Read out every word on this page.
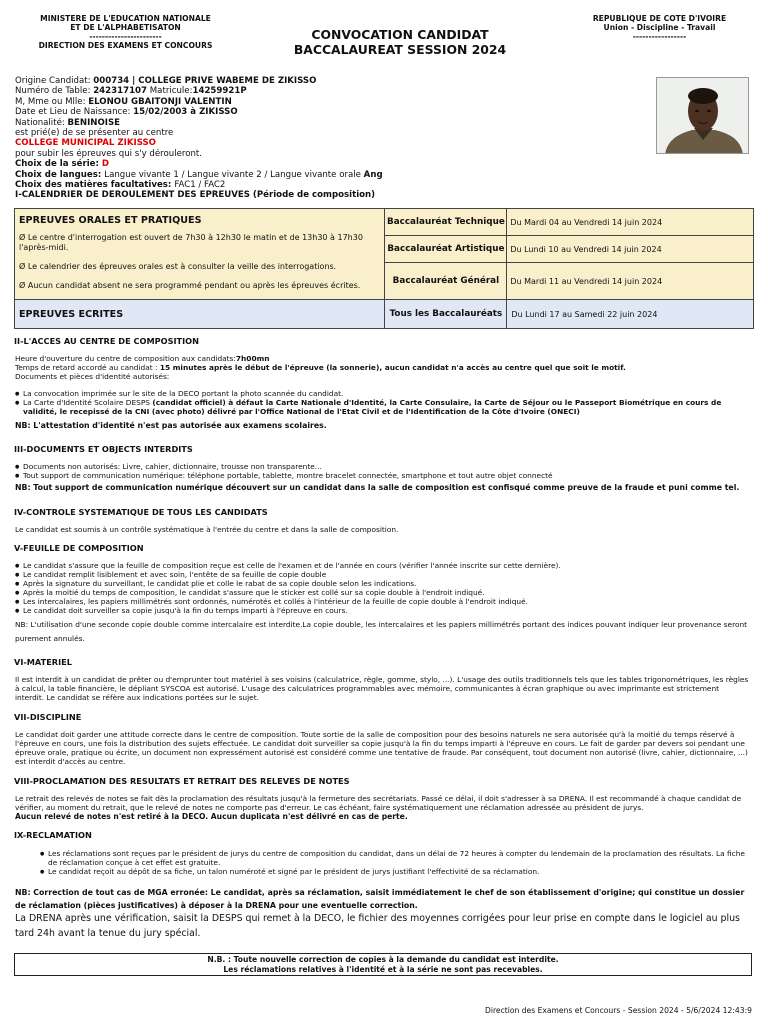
MINISTERE DE L'EDUCATION NATIONALE
ET DE L'ALPHABETISATON
-----------------------
DIRECTION DES EXAMENS ET CONCOURS
CONVOCATION CANDIDAT
BACCALAUREAT SESSION 2024
REPUBLIQUE DE COTE D'IVOIRE
Union - Discipline - Travail
-----------------
Origine Candidat: 000734 | COLLEGE PRIVE WABEME DE ZIKISSO
Numéro de Table: 242317107 Matricule:14259921P
M, Mme ou Mlle: ELONOU GBAITONJI VALENTIN
Date et Lieu de Naissance: 15/02/2003 à ZIKISSO
Nationalité: BENINOISE
est prié(e) de se présenter au centre
COLLEGE MUNICIPAL ZIKISSO
pour subir les épreuves qui s'y dérouleront.
Choix de la série: D
Choix de langues: Langue vivante 1 / Langue vivante 2 / Langue vivante orale Ang
Choix des matières facultatives: FAC1 / FAC2
I-CALENDRIER DE DEROULEMENT DES EPREUVES (Période de composition)
EPREUVES ORALES ET PRATIQUES

Ø Le centre d'interrogation est ouvert de 7h30 à 12h30 le matin et de 13h30 à 17h30 l'après-midi.

Ø Le calendrier des épreuves orales est à consulter la veille des interrogations.

Ø Aucun candidat absent ne sera programmé pendant ou après les épreuves écrites.	Baccalauréat Technique	Du Mardi 04 au Vendredi 14 juin 2024
	Baccalauréat Artistique	Du Lundi 10 au Vendredi 14 juin 2024
	Baccalauréat Général	Du Mardi 11 au Vendredi 14 juin 2024
EPREUVES ECRITES	Tous les Baccalauréats	Du Lundi 17 au Samedi 22 juin 2024
II-L'ACCES AU CENTRE DE COMPOSITION
Heure d'ouverture du centre de composition aux candidats:7h00mn
Temps de retard accordé au candidat : 15 minutes après le début de l'épreuve (la sonnerie), aucun candidat n'a accès au centre quel que soit le motif.
Documents et pièces d'identité autorisés:
● La convocation imprimée sur le site de la DECO portant la photo scannée du candidat.
● La Carte d'Identité Scolaire DESPS (candidat officiel) à défaut la Carte Nationale d'Identité, la Carte Consulaire, la Carte de Séjour ou le Passeport Biométrique en cours de validité, le recepissé de la CNI (avec photo) délivré par l'Office National de l'Etat Civil et de l'Identification de la Côte d'Ivoire (ONECI)
NB: L'attestation d'identité n'est pas autorisée aux examens scolaires.
III-DOCUMENTS ET OBJECTS INTERDITS
● Documents non autorisés: Livre, cahier, dictionnaire, trousse non transparente...
● Tout support de communication numérique: téléphone portable, tablette, montre bracelet connectée, smartphone et tout autre objet connecté
NB: Tout support de communication numérique découvert sur un candidat dans la salle de composition est confisqué comme preuve de la fraude et puni comme tel.
IV-CONTROLE SYSTEMATIQUE DE TOUS LES CANDIDATS
Le candidat est soumis à un contrôle systématique à l'entrée du centre et dans la salle de composition.
V-FEUILLE DE COMPOSITION
● Le candidat s'assure que la feuille de composition reçue est celle de l'examen et de l'année en cours (vérifier l'année inscrite sur cette dernière).
● Le candidat remplit lisiblement et avec soin, l'entête de sa feuille de copie double
● Après la signature du surveillant, le candidat plie et colle le rabat de sa copie double selon les indications.
● Après la moitié du temps de composition, le candidat s'assure que le sticker est collé sur sa copie double à l'endroit indiqué.
● Les intercalaires, les papiers millimétrés sont ordonnés, numérotés et collés à l'intérieur de la feuille de copie double à l'endroit indiqué.
● Le candidat doit surveiller sa copie jusqu'à la fin du temps imparti à l'épreuve en cours.
NB: L'utilisation d'une seconde copie double comme intercalaire est interdite.La copie double, les intercalaires et les papiers millimétrés portant des indices pouvant indiquer leur provenance seront purement annulés.
VI-MATERIEL
Il est interdit à un candidat de prêter ou d'emprunter tout matériel à ses voisins (calculatrice, règle, gomme, stylo, ...). L'usage des outils traditionnels tels que les tables trigonométriques, les règles à calcul, la table financière, le dépliant SYSCOA est autorisé. L'usage des calculatrices programmables avec mémoire, communicantes à écran graphique ou avec imprimante est strictement interdit. Le candidat se réfère aux indications portées sur le sujet.
VII-DISCIPLINE
Le candidat doit garder une attitude correcte dans le centre de composition. Toute sortie de la salle de composition pour des besoins naturels ne sera autorisée qu'à la moitié du temps réservé à l'épreuve en cours, une fois la distribution des sujets effectuée. Le candidat doit surveiller sa copie jusqu'à la fin du temps imparti à l'épreuve en cours. Le fait de garder par devers soi pendant une épreuve orale, pratique ou écrite, un document non expressément autorisé est considéré comme une tentative de fraude. Par conséquent, tout document non autorisé (livre, cahier, dictionnaire, ...) est interdit d'accès au centre.
VIII-PROCLAMATION DES RESULTATS ET RETRAIT DES RELEVES DE NOTES
Le retrait des relevés de notes se fait dès la proclamation des résultats jusqu'à la fermeture des secrétariats. Passé ce délai, il doit s'adresser à sa DRENA. Il est recommandé à chaque candidat de vérifier, au moment du retrait, que le relevé de notes ne comporte pas d'erreur. Le cas échéant, faire systématiquement une réclamation adressée au président de jurys.
Aucun relevé de notes n'est retiré à la DECO. Aucun duplicata n'est délivré en cas de perte.
IX-RECLAMATION
● Les réclamations sont reçues par le président de jurys du centre de composition du candidat, dans un délai de 72 heures à compter du lendemain de la proclamation des résultats. La fiche de réclamation conçue à cet effet est gratuite.
● Le candidat reçoit au dépôt de sa fiche, un talon numéroté et signé par le président de jurys justifiant l'effectivité de sa réclamation.
NB: Correction de tout cas de MGA erronée: Le candidat, après sa réclamation, saisit immédiatement le chef de son établissement d'origine; qui constitue un dossier de réclamation (pièces justificatives) à déposer à la DRENA pour une eventuelle correction.
La DRENA après une vérification, saisit la DESPS qui remet à la DECO, le fichier des moyennes corrigées pour leur prise en compte dans le logiciel au plus tard 24h avant la tenue du jury spécial.
N.B. : Toute nouvelle correction de copies à la demande du candidat est interdite.
Les réclamations relatives à l'identité et à la série ne sont pas recevables.
Direction des Examens et Concours - Session 2024 - 5/6/2024 12:43:9
